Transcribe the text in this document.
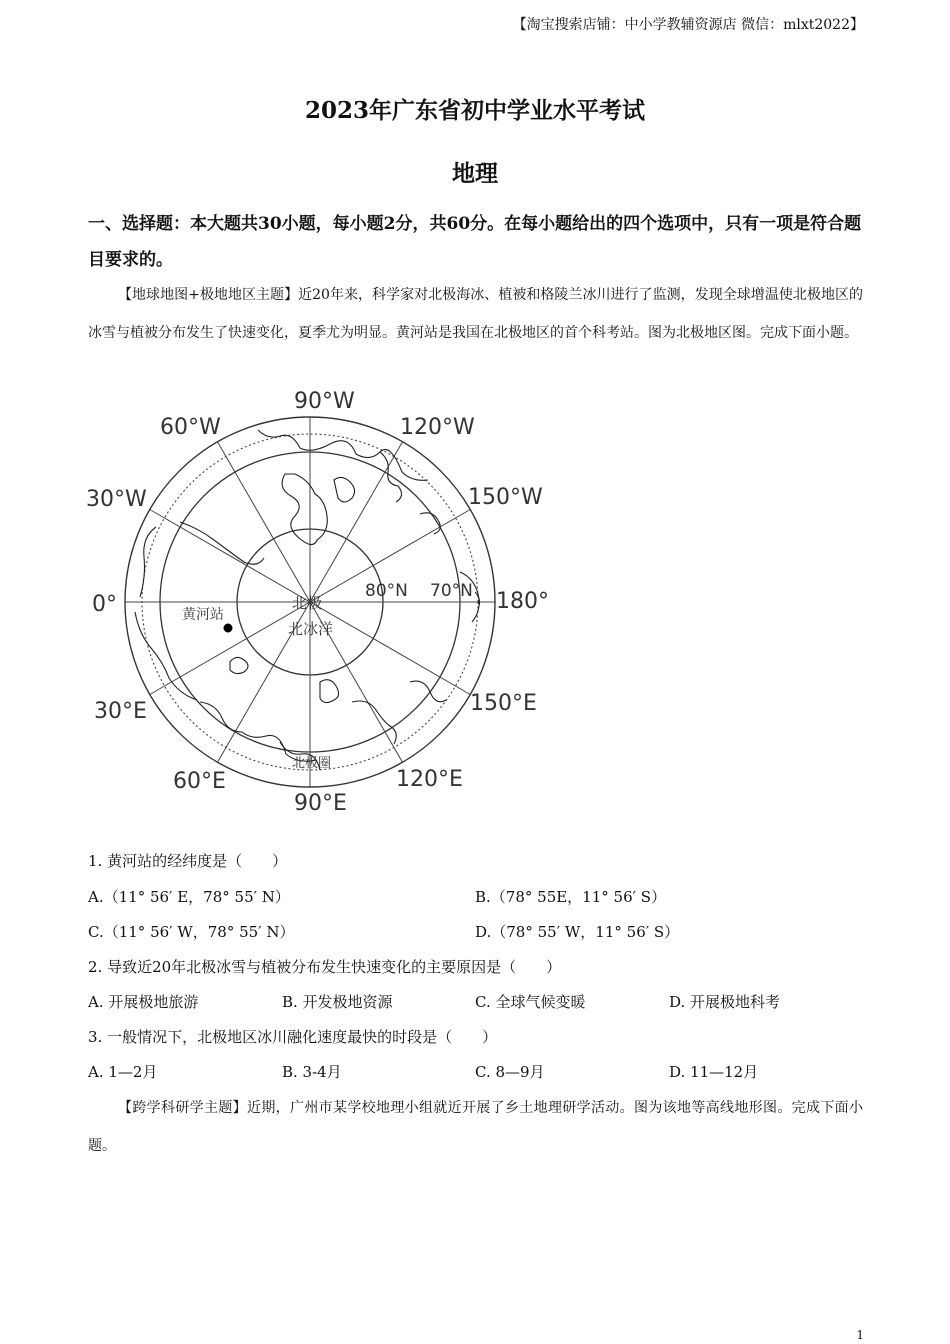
【淘宝搜索店铺：中小学教辅资源店 微信：mlxt2022】
2023年广东省初中学业水平考试
地理
一、选择题：本大题共30小题，每小题2分，共60分。在每小题给出的四个选项中，只有一项是符合题目要求的。
【地球地图+极地地区主题】近20年来，科学家对北极海冰、植被和格陵兰冰川进行了监测，发现全球增温使北极地区的冰雪与植被分布发生了快速变化，夏季尤为明显。黄河站是我国在北极地区的首个科考站。图为北极地区图。完成下面小题。
90°W
120°W
150°W
180°
150°E
120°E
90°E
60°E
30°E
0°
30°W
60°W
80°N 70°N
北极
北冰洋
黄河站
北极圈
1. 黄河站的经纬度是（　　）
A.（11° 56′ E，78° 55′ N）	B.（78° 55E，11° 56′ S）
C.（11° 56′ W，78° 55′ N）	D.（78° 55′ W，11° 56′ S）
2. 导致近20年北极冰雪与植被分布发生快速变化的主要原因是（　　）
A. 开展极地旅游	B. 开发极地资源	C. 全球气候变暖	D. 开展极地科考
3. 一般情况下，北极地区冰川融化速度最快的时段是（　　）
A. 1—2月	B. 3-4月	C. 8—9月	D. 11—12月
【跨学科研学主题】近期，广州市某学校地理小组就近开展了乡土地理研学活动。图为该地等高线地形图。完成下面小题。
1
